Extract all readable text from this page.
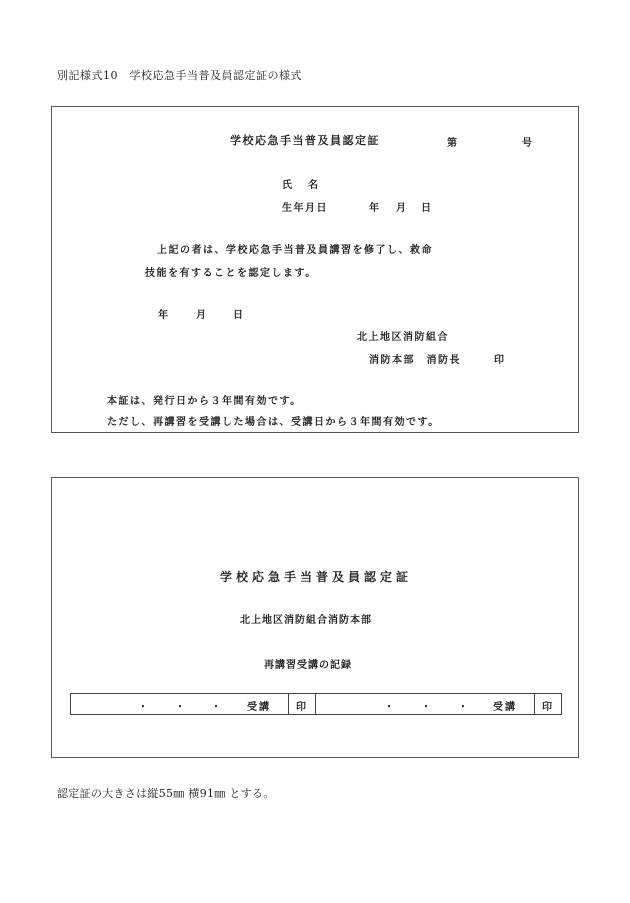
別記様式10　学校応急手当普及員認定証の様式
学校応急手当普及員認定証	第	号
氏　名
生年月日	年 月 日
上記の者は、学校応急手当普及員講習を修了し、救命
技能を有することを認定します。
年	月	日
北上地区消防組合
消防本部　消防長	印
本証は、発行日から３年間有効です。
ただし、再講習を受講した場合は、受講日から３年間有効です。
学校応急手当普及員認定証
北上地区消防組合消防本部
再講習受講の記録
・	・	・	受講	印	・	・	・	受講	印
認定証の大きさは縦55㎜ 横91㎜ とする。
